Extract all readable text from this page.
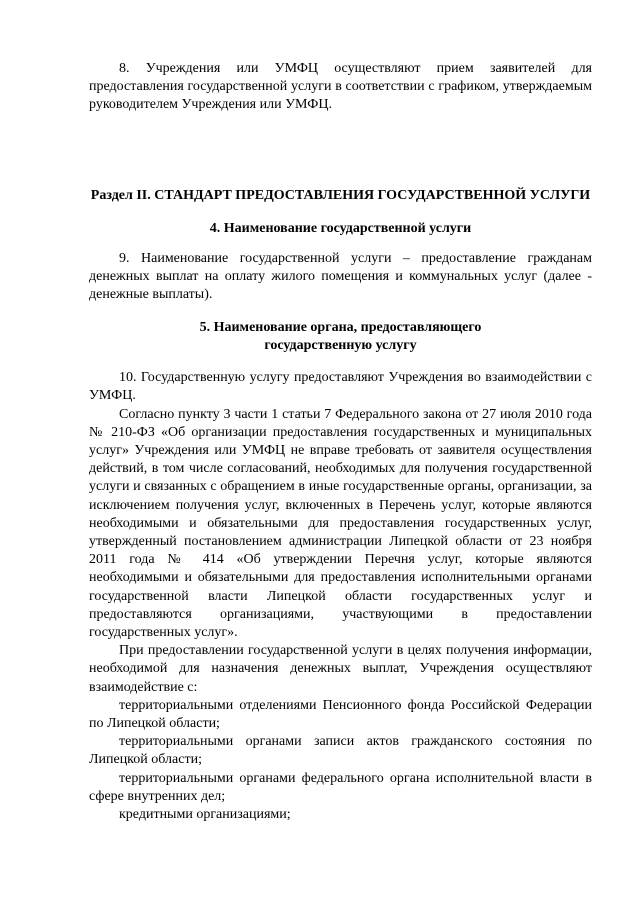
8. Учреждения или УМФЦ осуществляют прием заявителей для предоставления государственной услуги в соответствии с графиком, утверждаемым руководителем Учреждения или УМФЦ.

Раздел II. СТАНДАРТ ПРЕДОСТАВЛЕНИЯ ГОСУДАРСТВЕННОЙ УСЛУГИ
4. Наименование государственной услуги

9. Наименование государственной услуги – предоставление гражданам денежных выплат на оплату жилого помещения и коммунальных услуг (далее - денежные выплаты).

5. Наименование органа, предоставляющего
государственную услугу

10. Государственную услугу предоставляют Учреждения во взаимодействии с УМФЦ.

Согласно пункту 3 части 1 статьи 7 Федерального закона от 27 июля 2010 года № 210-ФЗ «Об организации предоставления государственных и муниципальных услуг» Учреждения или УМФЦ не вправе требовать от заявителя осуществления действий, в том числе согласований, необходимых для получения государственной услуги и связанных с обращением в иные государственные органы, организации, за исключением получения услуг, включенных в Перечень услуг, которые являются необходимыми и обязательными для предоставления государственных услуг, утвержденный постановлением администрации Липецкой области от 23 ноября 2011 года № 414 «Об утверждении Перечня услуг, которые являются необходимыми и обязательными для предоставления исполнительными органами государственной власти Липецкой области государственных услуг и предоставляются организациями, участвующими в предоставлении государственных услуг».

При предоставлении государственной услуги в целях получения информации, необходимой для назначения денежных выплат, Учреждения осуществляют взаимодействие с:

территориальными отделениями Пенсионного фонда Российской Федерации по Липецкой области;

территориальными органами записи актов гражданского состояния по Липецкой области;

территориальными органами федерального органа исполнительной власти в сфере внутренних дел;

кредитными организациями;
